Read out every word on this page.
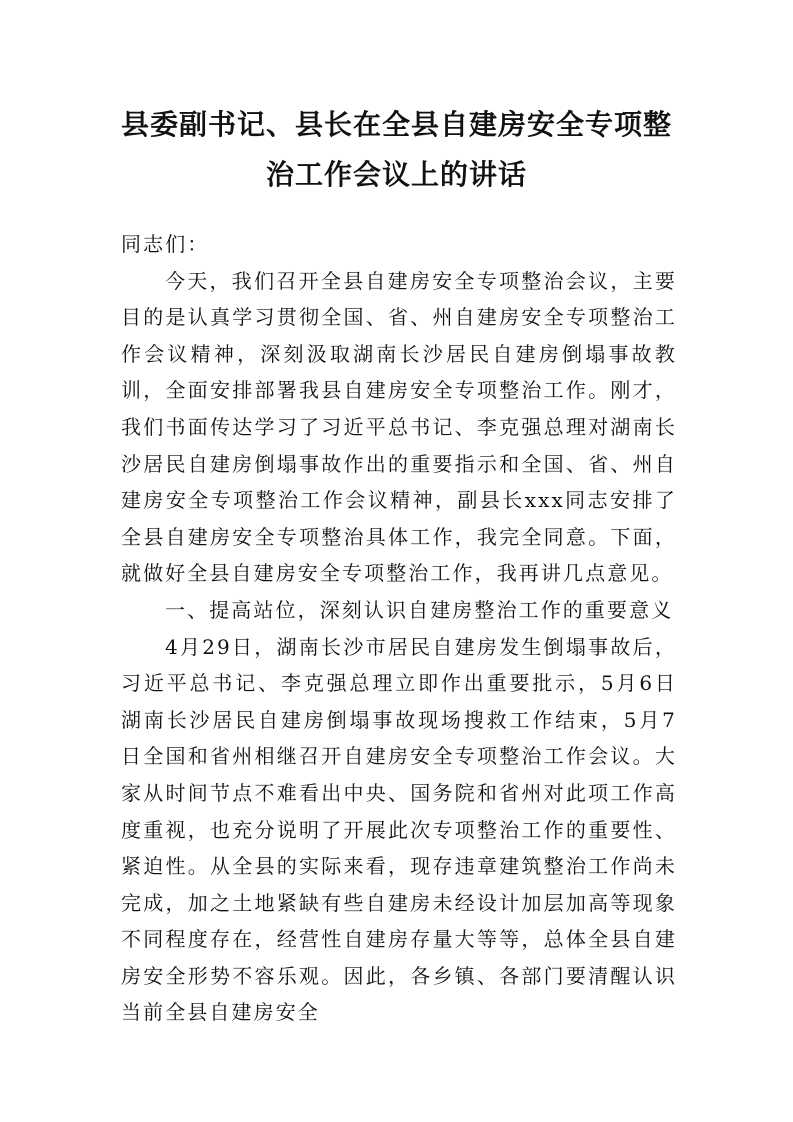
县委副书记、县长在全县自建房安全专项整
治工作会议上的讲话

同志们：

今天，我们召开全县自建房安全专项整治会议，主要目的是认真学习贯彻全国、省、州自建房安全专项整治工作会议精神，深刻汲取湖南长沙居民自建房倒塌事故教训，全面安排部署我县自建房安全专项整治工作。刚才，我们书面传达学习了习近平总书记、李克强总理对湖南长沙居民自建房倒塌事故作出的重要指示和全国、省、州自建房安全专项整治工作会议精神，副县长xxx同志安排了全县自建房安全专项整治具体工作，我完全同意。下面，就做好全县自建房安全专项整治工作，我再讲几点意见。

一、提高站位，深刻认识自建房整治工作的重要意义

4月29日，湖南长沙市居民自建房发生倒塌事故后，习近平总书记、李克强总理立即作出重要批示，5月6日湖南长沙居民自建房倒塌事故现场搜救工作结束，5月7日全国和省州相继召开自建房安全专项整治工作会议。大家从时间节点不难看出中央、国务院和省州对此项工作高度重视，也充分说明了开展此次专项整治工作的重要性、紧迫性。从全县的实际来看，现存违章建筑整治工作尚未完成，加之土地紧缺有些自建房未经设计加层加高等现象不同程度存在，经营性自建房存量大等等，总体全县自建房安全形势不容乐观。因此，各乡镇、各部门要清醒认识当前全县自建房安全
